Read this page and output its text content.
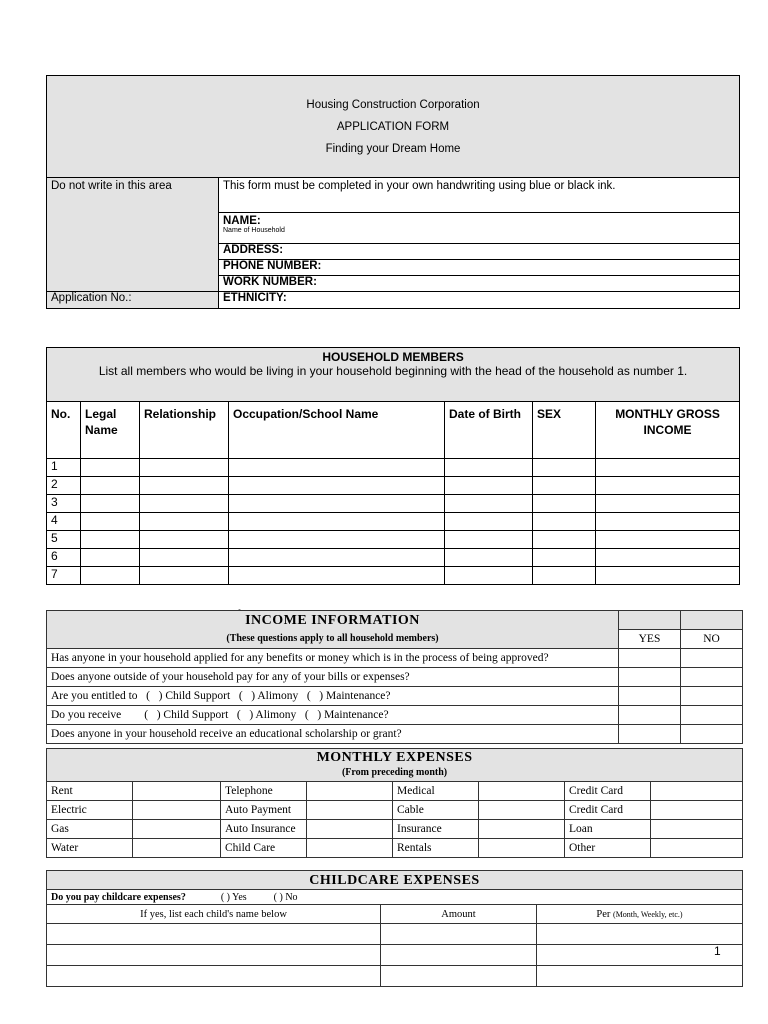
Housing Construction Corporation
APPLICATION FORM
Finding your Dream Home	

Do not write in this area	This form must be completed in your own handwriting using blue or black ink.
	NAME:
Name of Household

	ADDRESS:
	PHONE NUMBER:
	WORK NUMBER:
Application No.:	ETHNICITY:
HOUSEHOLD MEMBERS
List all members who would be living in your household beginning with the head of the household as number 1.						

No.	Legal Name	Relationship	Occupation/School Name	Date of Birth	SEX	MONTHLY GROSS INCOME
1						
2						
3						
4						
5						
6						
7						
INCOME INFORMATION		

(These questions apply to all household members)	YES	NO
Has anyone in your household applied for any benefits or money which is in the process of being approved?		
Does anyone outside of your household pay for any of your bills or expenses?		
Are you entitled to   (   ) Child Support   (   ) Alimony   (   ) Maintenance?		
Do you receive        (   ) Child Support   (   ) Alimony   (   ) Maintenance?		
Does anyone in your household receive an educational scholarship or grant?		
MONTHLY EXPENSES
(From preceding month)							

Rent		Telephone		Medical		Credit Card	
Electric		Auto Payment		Cable		Credit Card	
Gas		Auto Insurance		Insurance		Loan	
Water		Child Care		Rentals		Other	
CHILDCARE EXPENSES		

Do you pay childcare expenses? ( ) Yes ( ) No		
If yes, list each child's name below	Amount	Per (Month, Weekly, etc.)

1
